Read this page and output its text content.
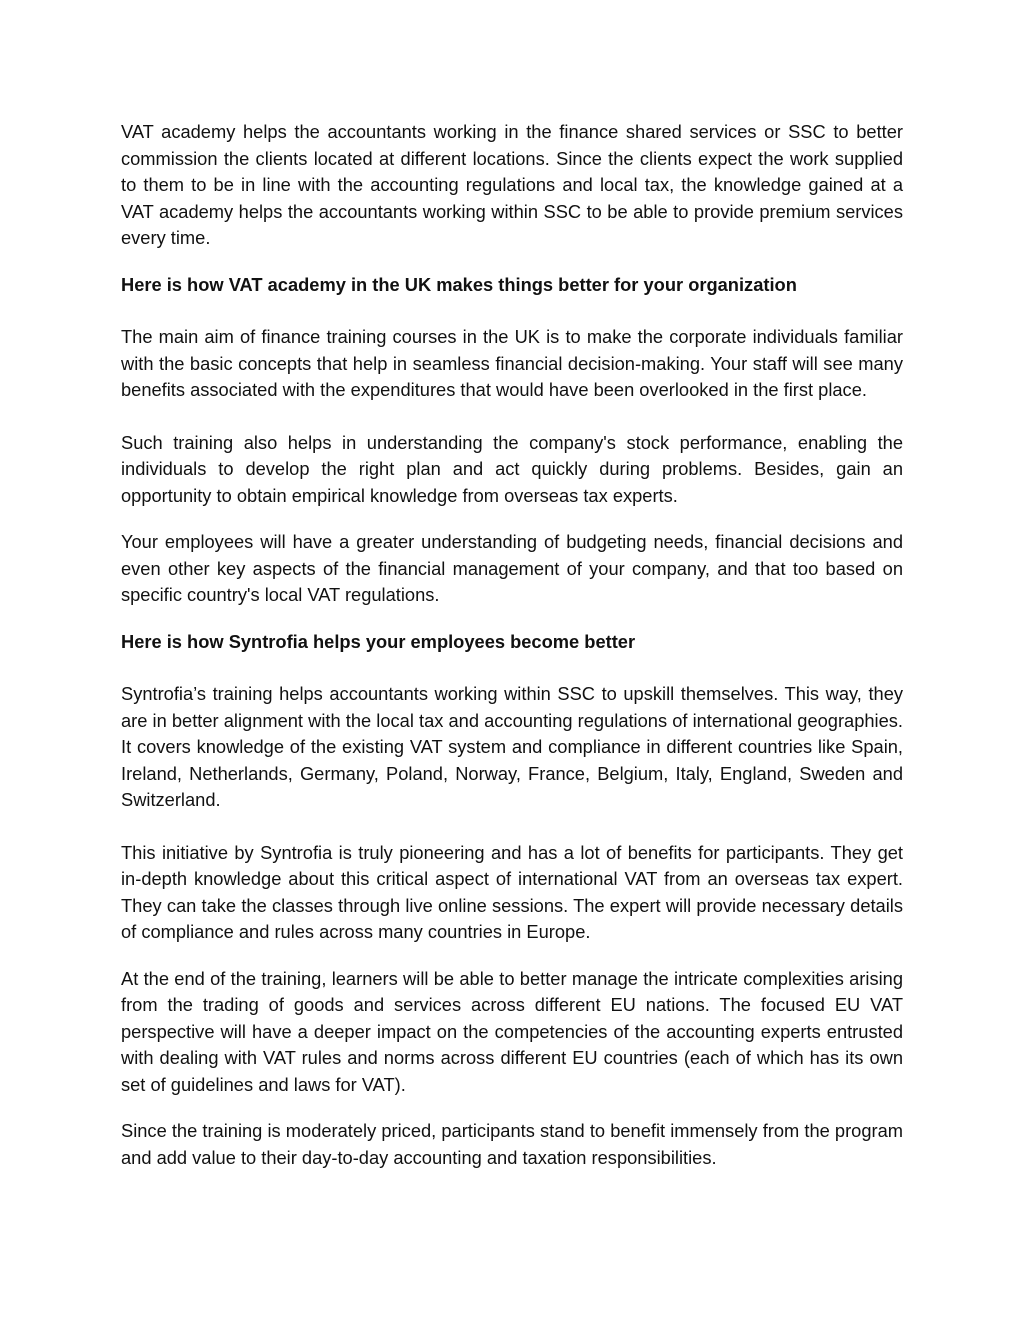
VAT academy helps the accountants working in the finance shared services or SSC to better commission the clients located at different locations. Since the clients expect the work supplied to them to be in line with the accounting regulations and local tax, the knowledge gained at a VAT academy helps the accountants working within SSC to be able to provide premium services every time.

Here is how VAT academy in the UK makes things better for your organization

The main aim of finance training courses in the UK is to make the corporate individuals familiar with the basic concepts that help in seamless financial decision-making. Your staff will see many benefits associated with the expenditures that would have been overlooked in the first place.

Such training also helps in understanding the company's stock performance, enabling the individuals to develop the right plan and act quickly during problems. Besides, gain an opportunity to obtain empirical knowledge from overseas tax experts.

Your employees will have a greater understanding of budgeting needs, financial decisions and even other key aspects of the financial management of your company, and that too based on specific country's local VAT regulations.

Here is how Syntrofia helps your employees become better

Syntrofia’s training helps accountants working within SSC to upskill themselves. This way, they are in better alignment with the local tax and accounting regulations of international geographies. It covers knowledge of the existing VAT system and compliance in different countries like Spain, Ireland, Netherlands, Germany, Poland, Norway, France, Belgium, Italy, England, Sweden and Switzerland.

This initiative by Syntrofia is truly pioneering and has a lot of benefits for participants. They get in-depth knowledge about this critical aspect of international VAT from an overseas tax expert. They can take the classes through live online sessions. The expert will provide necessary details of compliance and rules across many countries in Europe.

At the end of the training, learners will be able to better manage the intricate complexities arising from the trading of goods and services across different EU nations. The focused EU VAT perspective will have a deeper impact on the competencies of the accounting experts entrusted with dealing with VAT rules and norms across different EU countries (each of which has its own set of guidelines and laws for VAT).

Since the training is moderately priced, participants stand to benefit immensely from the program and add value to their day-to-day accounting and taxation responsibilities.
